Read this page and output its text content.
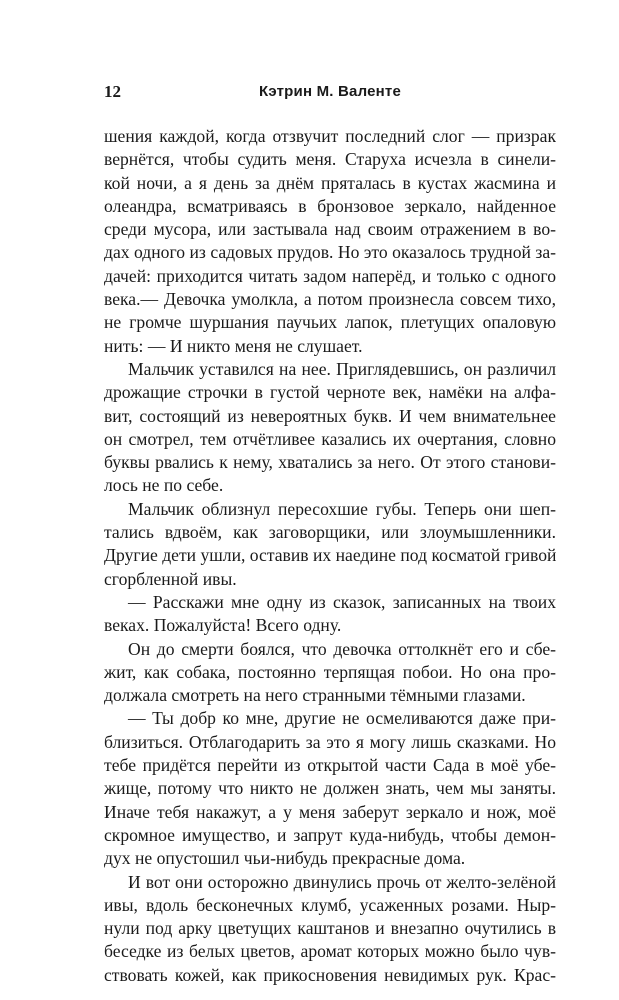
12	Кэтрин М. Валенте
шения каждой, когда отзвучит последний слог — призрак
вернётся, чтобы судить меня. Старуха исчезла в синели-
кой ночи, а я день за днём пряталась в кустах жасмина и
олеандра, всматриваясь в бронзовое зеркало, найденное
среди мусора, или застывала над своим отражением в во-
дах одного из садовых прудов. Но это оказалось трудной за-
дачей: приходится читать задом наперёд, и только с одного
века.— Девочка умолкла, а потом произнесла совсем тихо,
не громче шуршания паучьих лапок, плетущих опаловую
нить: — И никто меня не слушает.
Мальчик уставился на нее. Приглядевшись, он различил
дрожащие строчки в густой черноте век, намёки на алфа-
вит, состоящий из невероятных букв. И чем внимательнее
он смотрел, тем отчётливее казались их очертания, словно
буквы рвались к нему, хватались за него. От этого станови-
лось не по себе.
Мальчик облизнул пересохшие губы. Теперь они шеп-
тались вдвоём, как заговорщики, или злоумышленники.
Другие дети ушли, оставив их наедине под косматой гривой
сгорбленной ивы.
— Расскажи мне одну из сказок, записанных на твоих
веках. Пожалуйста! Всего одну.
Он до смерти боялся, что девочка оттолкнёт его и сбе-
жит, как собака, постоянно терпящая побои. Но она про-
должала смотреть на него странными тёмными глазами.
— Ты добр ко мне, другие не осмеливаются даже при-
близиться. Отблагодарить за это я могу лишь сказками. Но
тебе придётся перейти из открытой части Сада в моё убе-
жище, потому что никто не должен знать, чем мы заняты.
Иначе тебя накажут, а у меня заберут зеркало и нож, моё
скромное имущество, и запрут куда-нибудь, чтобы демон-
дух не опустошил чьи-нибудь прекрасные дома.
И вот они осторожно двинулись прочь от желто-зелёной
ивы, вдоль бесконечных клумб, усаженных розами. Ныр-
нули под арку цветущих каштанов и внезапно очутились в
беседке из белых цветов, аромат которых можно было чув-
ствовать кожей, как прикосновения невидимых рук. Крас-
